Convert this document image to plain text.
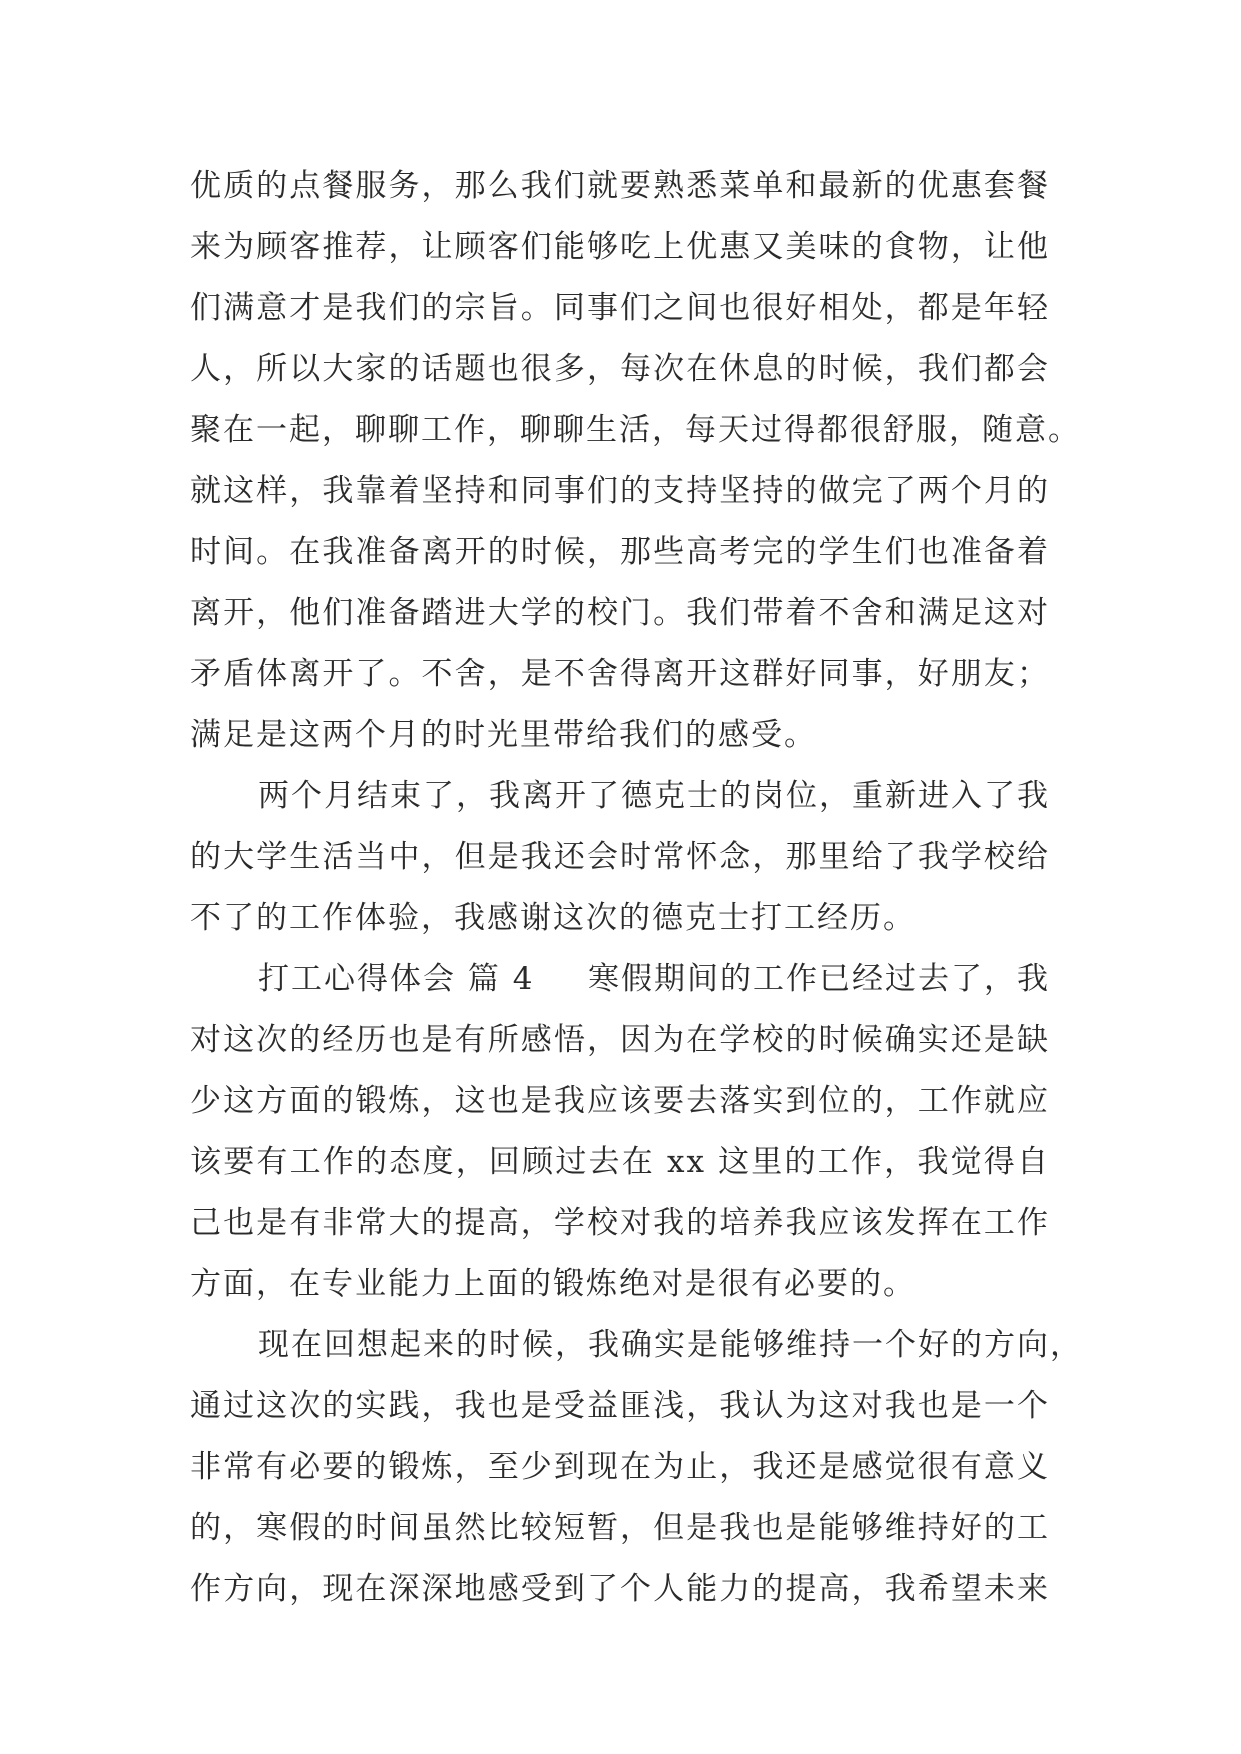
优质的点餐服务，那么我们就要熟悉菜单和最新的优惠套餐
来为顾客推荐，让顾客们能够吃上优惠又美味的食物，让他
们满意才是我们的宗旨。同事们之间也很好相处，都是年轻
人，所以大家的话题也很多，每次在休息的时候，我们都会
聚在一起，聊聊工作，聊聊生活，每天过得都很舒服，随意。
就这样，我靠着坚持和同事们的支持坚持的做完了两个月的
时间。在我准备离开的时候，那些高考完的学生们也准备着
离开，他们准备踏进大学的校门。我们带着不舍和满足这对
矛盾体离开了。不舍，是不舍得离开这群好同事，好朋友；
满足是这两个月的时光里带给我们的感受。
两个月结束了，我离开了德克士的岗位，重新进入了我
的大学生活当中，但是我还会时常怀念，那里给了我学校给
不了的工作体验，我感谢这次的德克士打工经历。
打工心得体会 篇 4 寒假期间的工作已经过去了，我
对这次的经历也是有所感悟，因为在学校的时候确实还是缺
少这方面的锻炼，这也是我应该要去落实到位的，工作就应
该要有工作的态度，回顾过去在 xx 这里的工作，我觉得自
己也是有非常大的提高，学校对我的培养我应该发挥在工作
方面，在专业能力上面的锻炼绝对是很有必要的。
现在回想起来的时候，我确实是能够维持一个好的方向，
通过这次的实践，我也是受益匪浅，我认为这对我也是一个
非常有必要的锻炼，至少到现在为止，我还是感觉很有意义
的，寒假的时间虽然比较短暂，但是我也是能够维持好的工
作方向，现在深深地感受到了个人能力的提高，我希望未来
